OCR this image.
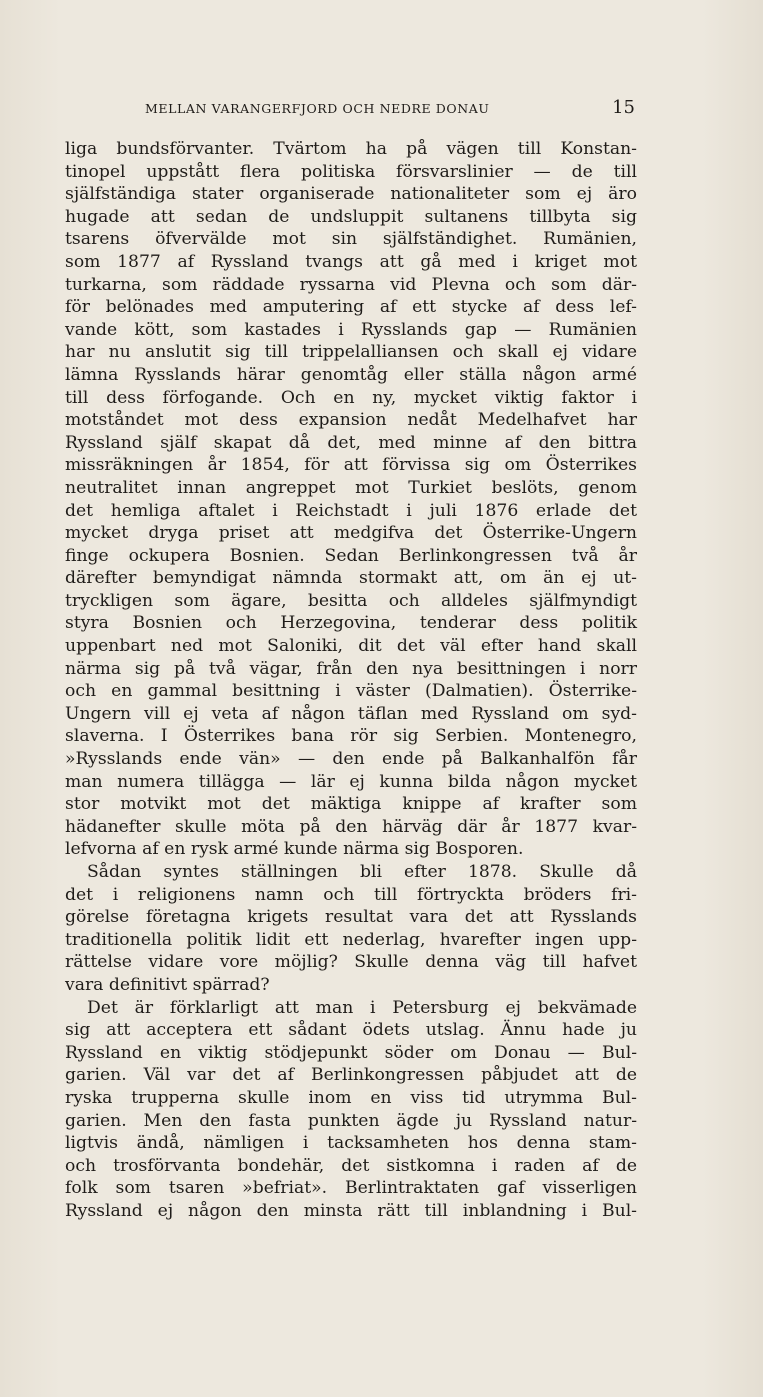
MELLAN VARANGERFJORD OCH NEDRE DONAU	15
liga bundsförvanter. Tvärtom ha på vägen till Konstan-
tinopel uppstått flera politiska försvarslinier — de till
själfständiga stater organiserade nationaliteter som ej äro
hugade att sedan de undsluppit sultanens tillbyta sig
tsarens öfvervälde mot sin själfständighet. Rumänien,
som 1877 af Ryssland tvangs att gå med i kriget mot
turkarna, som räddade ryssarna vid Plevna och som där-
för belönades med amputering af ett stycke af dess lef-
vande kött, som kastades i Rysslands gap — Rumänien
har nu anslutit sig till trippelalliansen och skall ej vidare
lämna Rysslands härar genomtåg eller ställa någon armé
till dess förfogande. Och en ny, mycket viktig faktor i
motståndet mot dess expansion nedåt Medelhafvet har
Ryssland själf skapat då det, med minne af den bittra
missräkningen år 1854, för att förvissa sig om Österrikes
neutralitet innan angreppet mot Turkiet beslöts, genom
det hemliga aftalet i Reichstadt i juli 1876 erlade det
mycket dryga priset att medgifva det Österrike-Ungern
finge ockupera Bosnien. Sedan Berlinkongressen två år
därefter bemyndigat nämnda stormakt att, om än ej ut-
tryckligen som ägare, besitta och alldeles själfmyndigt
styra Bosnien och Herzegovina, tenderar dess politik
uppenbart ned mot Saloniki, dit det väl efter hand skall
närma sig på två vägar, från den nya besittningen i norr
och en gammal besittning i väster (Dalmatien). Österrike-
Ungern vill ej veta af någon täflan med Ryssland om syd-
slaverna. I Österrikes bana rör sig Serbien. Montenegro,
»Rysslands ende vän» — den ende på Balkanhalfön får
man numera tillägga — lär ej kunna bilda någon mycket
stor motvikt mot det mäktiga knippe af krafter som
hädanefter skulle möta på den härväg där år 1877 kvar-
lefvorna af en rysk armé kunde närma sig Bosporen.
Sådan syntes ställningen bli efter 1878. Skulle då
det i religionens namn och till förtryckta bröders fri-
görelse företagna krigets resultat vara det att Rysslands
traditionella politik lidit ett nederlag, hvarefter ingen upp-
rättelse vidare vore möjlig? Skulle denna väg till hafvet
vara definitivt spärrad?
Det är förklarligt att man i Petersburg ej bekvämade
sig att acceptera ett sådant ödets utslag. Ännu hade ju
Ryssland en viktig stödjepunkt söder om Donau — Bul-
garien. Väl var det af Berlinkongressen påbjudet att de
ryska trupperna skulle inom en viss tid utrymma Bul-
garien. Men den fasta punkten ägde ju Ryssland natur-
ligtvis ändå, nämligen i tacksamheten hos denna stam-
och trosförvanta bondehär, det sistkomna i raden af de
folk som tsaren »befriat». Berlintraktaten gaf visserligen
Ryssland ej någon den minsta rätt till inblandning i Bul-
